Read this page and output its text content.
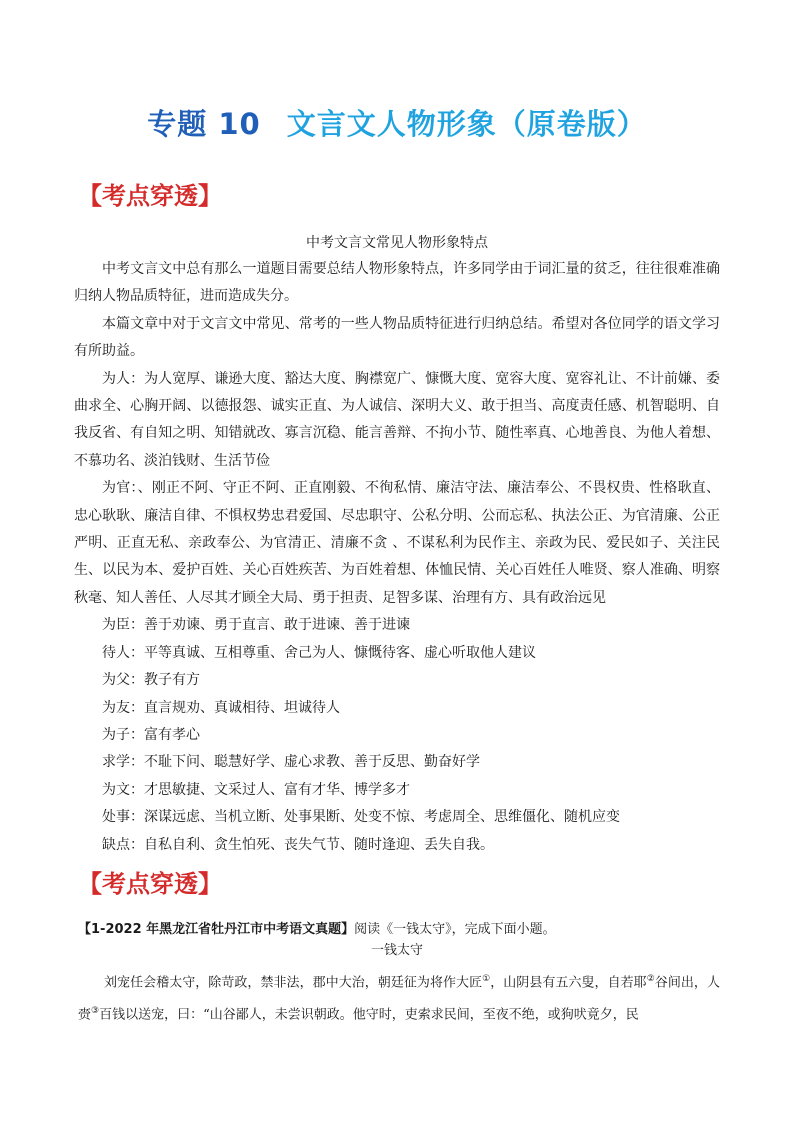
专题 10 文言文人物形象（原卷版）
【考点穿透】
中考文言文常见人物形象特点

中考文言文中总有那么一道题目需要总结人物形象特点，许多同学由于词汇量的贫乏，往往很难准确归纳人物品质特征，进而造成失分。

本篇文章中对于文言文中常见、常考的一些人物品质特征进行归纳总结。希望对各位同学的语文学习有所助益。

为人：为人宽厚、谦逊大度、豁达大度、胸襟宽广、慷慨大度、宽容大度、宽容礼让、不计前嫌、委曲求全、心胸开阔、以德报怨、诚实正直、为人诚信、深明大义、敢于担当、高度责任感、机智聪明、自我反省、有自知之明、知错就改、寡言沉稳、能言善辩、不拘小节、随性率真、心地善良、为他人着想、不慕功名、淡泊钱财、生活节俭

为官：、刚正不阿、守正不阿、正直刚毅、不徇私情、廉洁守法、廉洁奉公、不畏权贵、性格耿直、忠心耿耿、廉洁自律、不惧权势忠君爱国、尽忠职守、公私分明、公而忘私、执法公正、为官清廉、公正严明、正直无私、亲政奉公、为官清正、清廉不贪 、不谋私利为民作主、亲政为民、爱民如子、关注民生、以民为本、爱护百姓、关心百姓疾苦、为百姓着想、体恤民情、关心百姓任人唯贤、察人准确、明察秋毫、知人善任、人尽其才顾全大局、勇于担责、足智多谋、治理有方、具有政治远见

为臣：善于劝谏、勇于直言、敢于进谏、善于进谏

待人：平等真诚、互相尊重、舍己为人、慷慨待客、虚心听取他人建议

为父：教子有方

为友：直言规劝、真诚相待、坦诚待人

为子：富有孝心

求学：不耻下问、聪慧好学、虚心求教、善于反思、勤奋好学

为文：才思敏捷、文采过人、富有才华、博学多才

处事：深谋远虑、当机立断、处事果断、处变不惊、考虑周全、思维僵化、随机应变

缺点：自私自利、贪生怕死、丧失气节、随时逢迎、丢失自我。

【考点穿透】
【1-2022 年黑龙江省牡丹江市中考语文真题】阅读《一钱太守》，完成下面小题。
一钱太守

刘宠任会稽太守，除苛政，禁非法，郡中大治，朝廷征为将作大匠①，山阴县有五六叟，自若耶②谷间出，人赍③百钱以送宠，曰：“山谷鄙人，未尝识朝政。他守时，吏索求民间，至夜不绝，或狗吠竟夕，民
